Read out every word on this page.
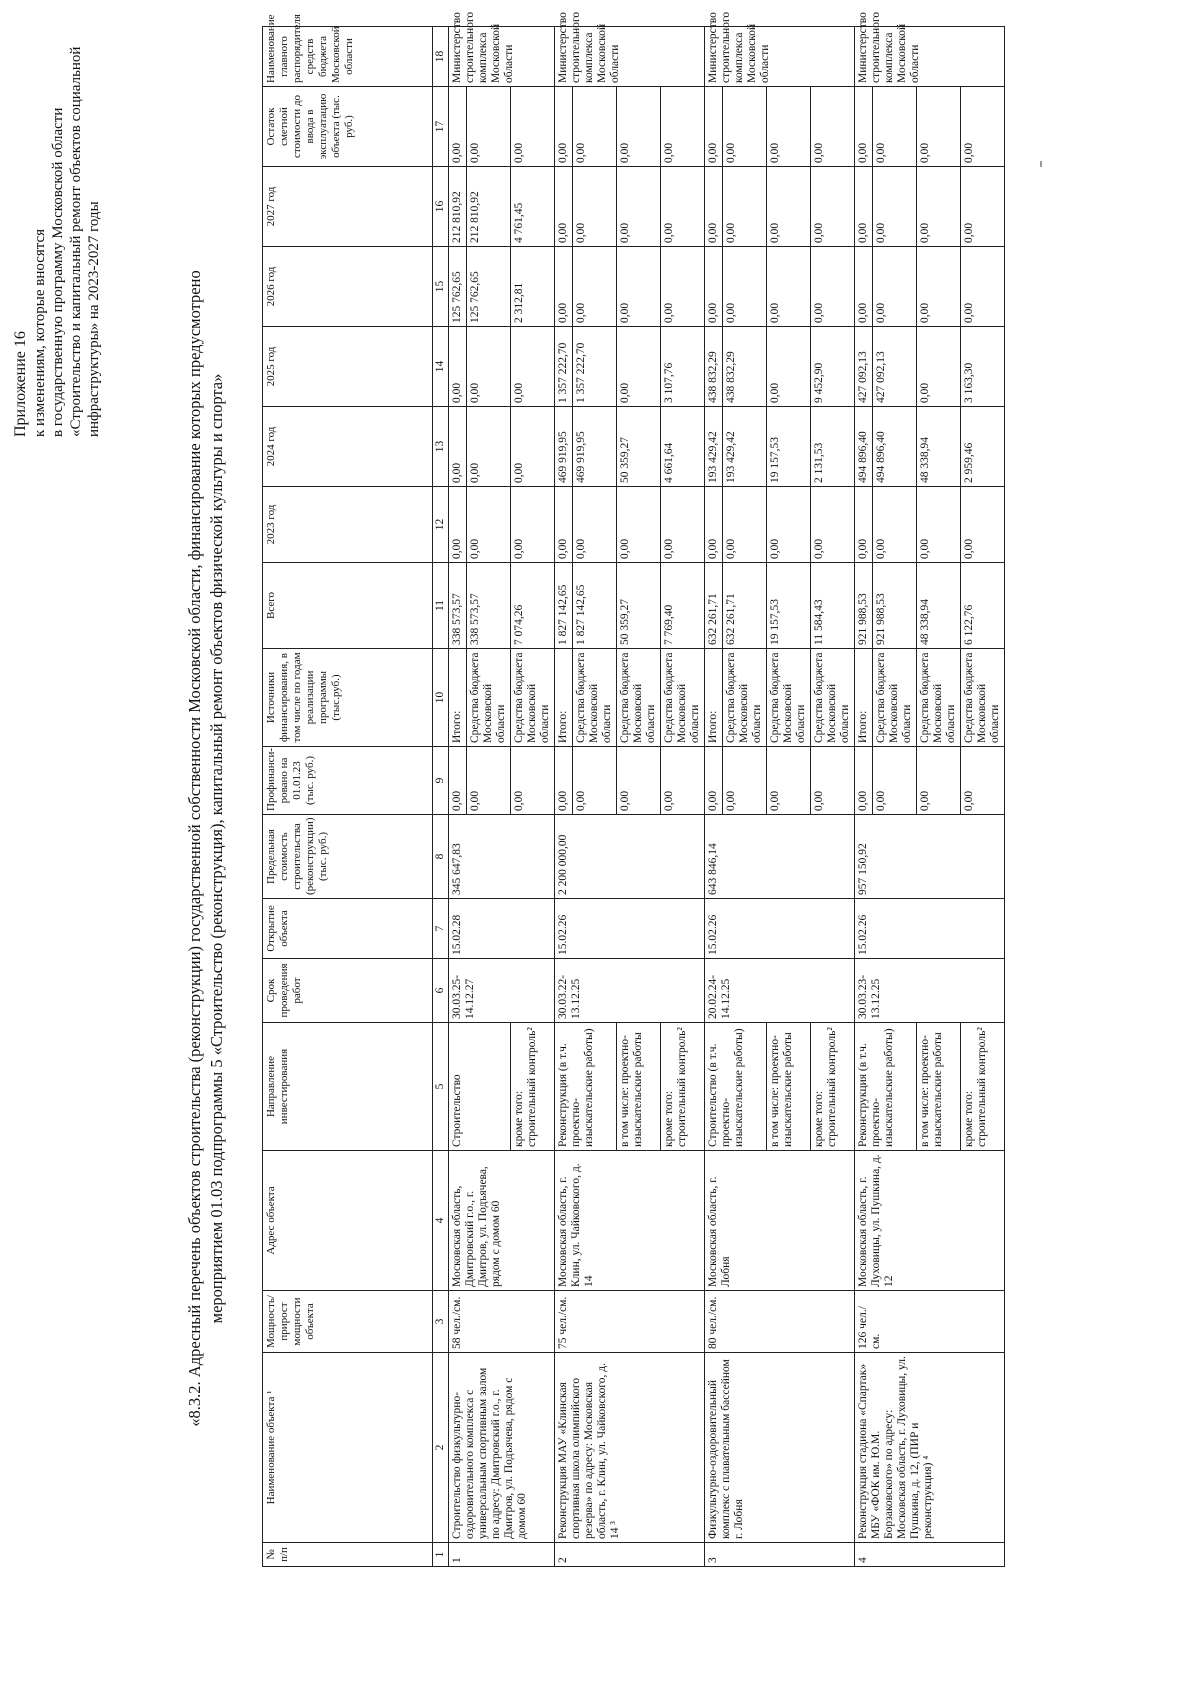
Приложение 16 к изменениям, которые вносятся в государственную программу Московской области «Строительство и капитальный ремонт объектов социальной инфраструктуры» на 2023-2027 годы	«8.3.2. Адресный перечень объектов строительства (реконструкции) государственной собственности Московской области, финансирование которых предусмотрено мероприятием 01.03 подпрограммы 5 «Строительство (реконструкция), капитальный ремонт объектов физической культуры и спорта»
№ п/п	Наименование объекта ¹	Мощность/ прирост мощности объекта	Адрес объекта	Направление инвестирования	Срок проведения работ	Открытие объекта	Предельная стоимость строительства (реконструкции) (тыс. руб.)	Профинанси-ровано на 01.01.23 (тыс. руб.)	Источники финансирования, в том числе по годам реализации программы (тыс.руб.)	Всего	2023 год	2024 год	2025 год	2026 год	2027 год	Остаток сметной стоимости до ввода в эксплуатацию объекта (тыс. руб.)	Наименование главного распорядителя средств бюджета Московской области
1	2	3	4	5	6	7	8	9	10	11	12	13	14	15	16	17	18
1	Строительство физкультурно-оздоровительного комплекса с универсальным спортивным залом по адресу: Дмитровский г.о., г. Дмитров, ул. Подъячева, рядом с домом 60	58 чел./см.	Московская область, Дмитровский г.о., г. Дмитров, ул. Подъячева, рядом с домом 60	Строительство	30.03.25-14.12.27	15.02.28	345 647,83	0,00	Итого:	338 573,57	0,00	0,00	0,00	125 762,65	212 810,92	0,00	Министерство строительного комплекса Московской области
								0,00	Средства бюджета Московской области	338 573,57	0,00	0,00	0,00	125 762,65	212 810,92	0,00	
				кроме того: строительный контроль²				0,00	Средства бюджета Московской области	7 074,26	0,00	0,00	0,00	2 312,81	4 761,45	0,00	
2	Реконструкция МАУ «Клинская спортивная школа олимпийского резерва» по адресу: Московская область, г. Клин, ул. Чайковского, д. 14 ³	75 чел./см.	Московская область, г. Клин, ул. Чайковского, д. 14	Реконструкция (в т.ч. проектно-изыскательские работы)	30.03.22-13.12.25	15.02.26	2 200 000,00	0,00	Итого:	1 827 142,65	0,00	469 919,95	1 357 222,70	0,00	0,00	0,00	Министерство строительного комплекса Московской области
								0,00	Средства бюджета Московской области	1 827 142,65	0,00	469 919,95	1 357 222,70	0,00	0,00	0,00	
				в том числе: проектно-изыскательские работы				0,00	Средства бюджета Московской области	50 359,27	0,00	50 359,27	0,00	0,00	0,00	0,00	
				кроме того: строительный контроль²				0,00	Средства бюджета Московской области	7 769,40	0,00	4 661,64	3 107,76	0,00	0,00	0,00	
3	Физкультурно-оздоровительный комплекс с плавательным бассейном г. Лобня	80 чел./см.	Московская область, г. Лобня	Строительство (в т.ч. проектно-изыскательские работы)	20.02.24-14.12.25	15.02.26	643 846,14	0,00	Итого:	632 261,71	0,00	193 429,42	438 832,29	0,00	0,00	0,00	Министерство строительного комплекса Московской области
								0,00	Средства бюджета Московской области	632 261,71	0,00	193 429,42	438 832,29	0,00	0,00	0,00	
				в том числе: проектно-изыскательские работы				0,00	Средства бюджета Московской области	19 157,53	0,00	19 157,53	0,00	0,00	0,00	0,00	
				кроме того: строительный контроль²				0,00	Средства бюджета Московской области	11 584,43	0,00	2 131,53	9 452,90	0,00	0,00	0,00	
4	Реконструкция стадиона «Спартак» МБУ «ФОК им. Ю.М. Борзаковского» по адресу: Московская область, г. Луховицы, ул. Пушкина, д. 12, (ПИР и реконструкция) ⁴	126 чел./см.	Московская область, г. Луховицы, ул. Пушкина, д. 12	Реконструкция (в т.ч. проектно-изыскательские работы)	30.03.23-13.12.25	15.02.26	957 150,92	0,00	Итого:	921 988,53	0,00	494 896,40	427 092,13	0,00	0,00	0,00	Министерство строительного комплекса Московской области
								0,00	Средства бюджета Московской области	921 988,53	0,00	494 896,40	427 092,13	0,00	0,00	0,00	
				в том числе: проектно-изыскательские работы				0,00	Средства бюджета Московской области	48 338,94	0,00	48 338,94	0,00	0,00	0,00	0,00	
				кроме того: строительный контроль²				0,00	Средства бюджета Московской области	6 122,76	0,00	2 959,46	3 163,30	0,00	0,00	0,00	
